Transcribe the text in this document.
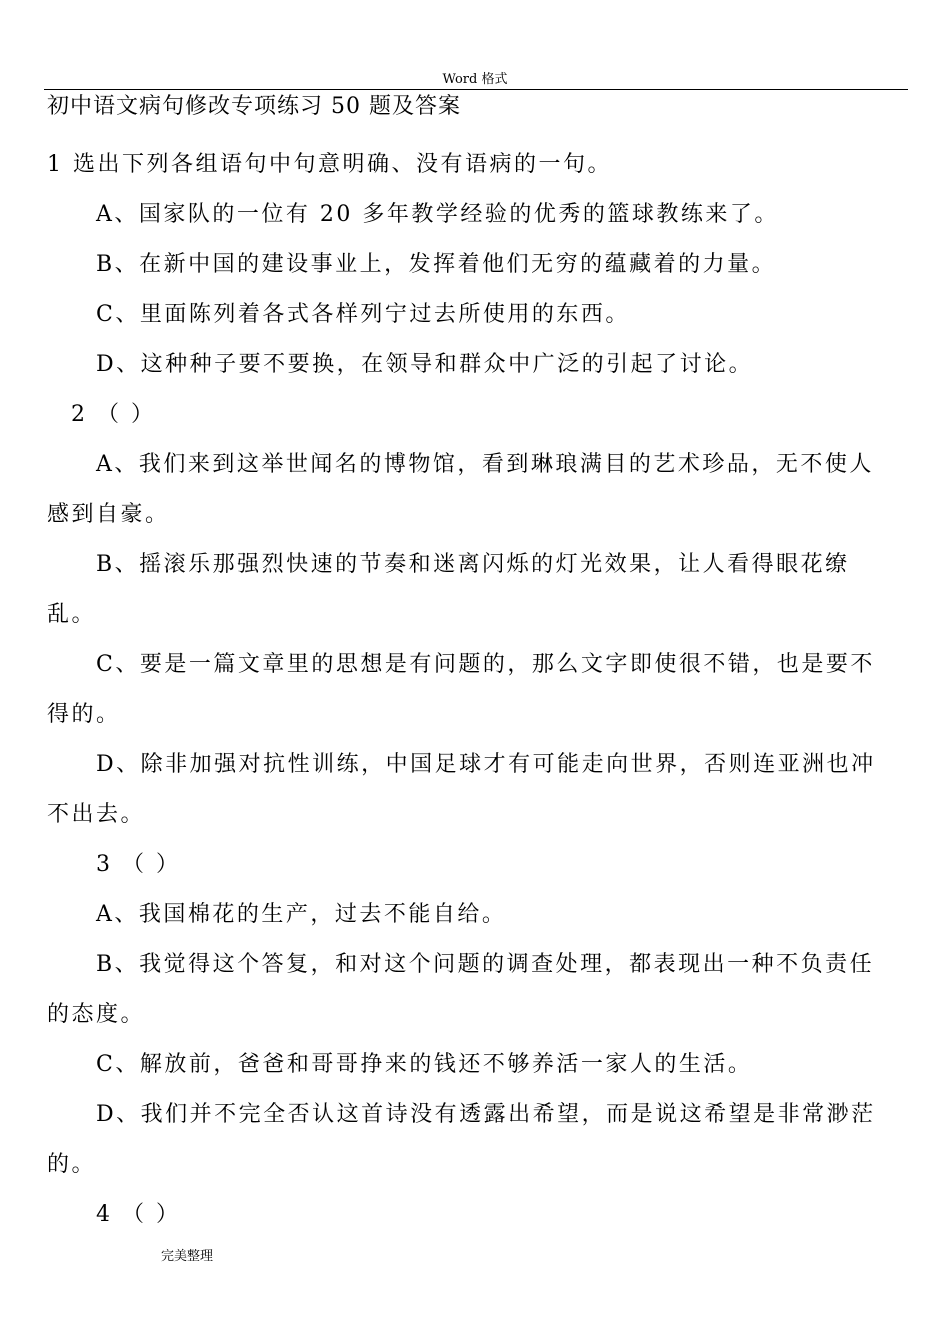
Word 格式
初中语文病句修改专项练习 50 题及答案
1 选出下列各组语句中句意明确、没有语病的一句。
A、国家队的一位有 20 多年教学经验的优秀的篮球教练来了。
B、在新中国的建设事业上，发挥着他们无穷的蕴藏着的力量。
C、里面陈列着各式各样列宁过去所使用的东西。
D、这种种子要不要换，在领导和群众中广泛的引起了讨论。
2 （ ）
A、我们来到这举世闻名的博物馆，看到琳琅满目的艺术珍品，无不使人
感到自豪。
B、摇滚乐那强烈快速的节奏和迷离闪烁的灯光效果，让人看得眼花缭
乱。
C、要是一篇文章里的思想是有问题的，那么文字即使很不错，也是要不
得的。
D、除非加强对抗性训练，中国足球才有可能走向世界，否则连亚洲也冲
不出去。
3 （ ）
A、我国棉花的生产，过去不能自给。
B、我觉得这个答复，和对这个问题的调查处理，都表现出一种不负责任
的态度。
C、解放前，爸爸和哥哥挣来的钱还不够养活一家人的生活。
D、我们并不完全否认这首诗没有透露出希望，而是说这希望是非常渺茫
的。
4 （ ）
完美整理
